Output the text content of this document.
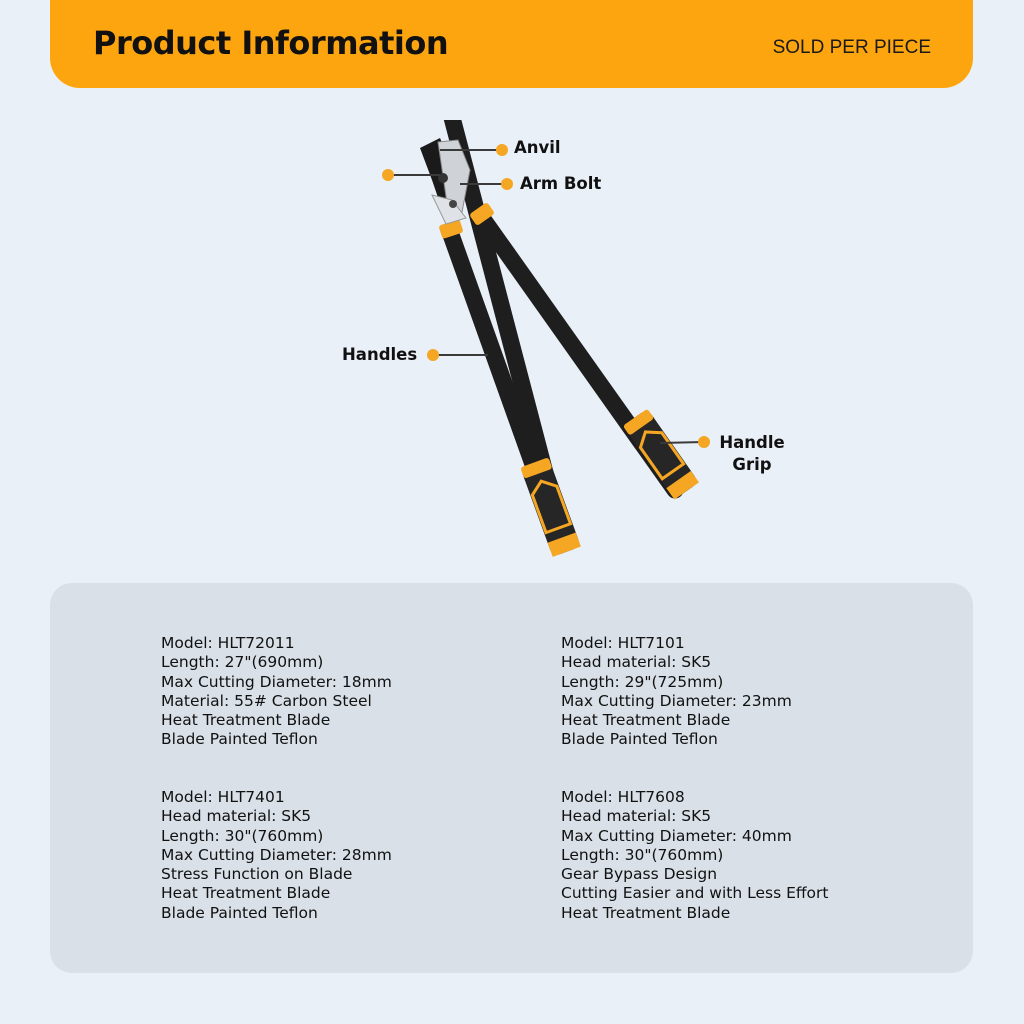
Product Information	SOLD PER PIECE
Anvil
Arm Bolt
Handles
Handle Grip
Model: HLT72011
Length: 27"(690mm)
Max Cutting Diameter: 18mm
Material: 55# Carbon Steel
Heat Treatment Blade
Blade Painted Teflon
Model: HLT7101
Head material: SK5
Length: 29"(725mm)
Max Cutting Diameter: 23mm
Heat Treatment Blade
Blade Painted Teflon
Model: HLT7401
Head material: SK5
Length: 30"(760mm)
Max Cutting Diameter: 28mm
Stress Function on Blade
Heat Treatment Blade
Blade Painted Teflon
Model: HLT7608
Head material: SK5
Max Cutting Diameter: 40mm
Length: 30"(760mm)
Gear Bypass Design
Cutting Easier and with Less Effort
Heat Treatment Blade
